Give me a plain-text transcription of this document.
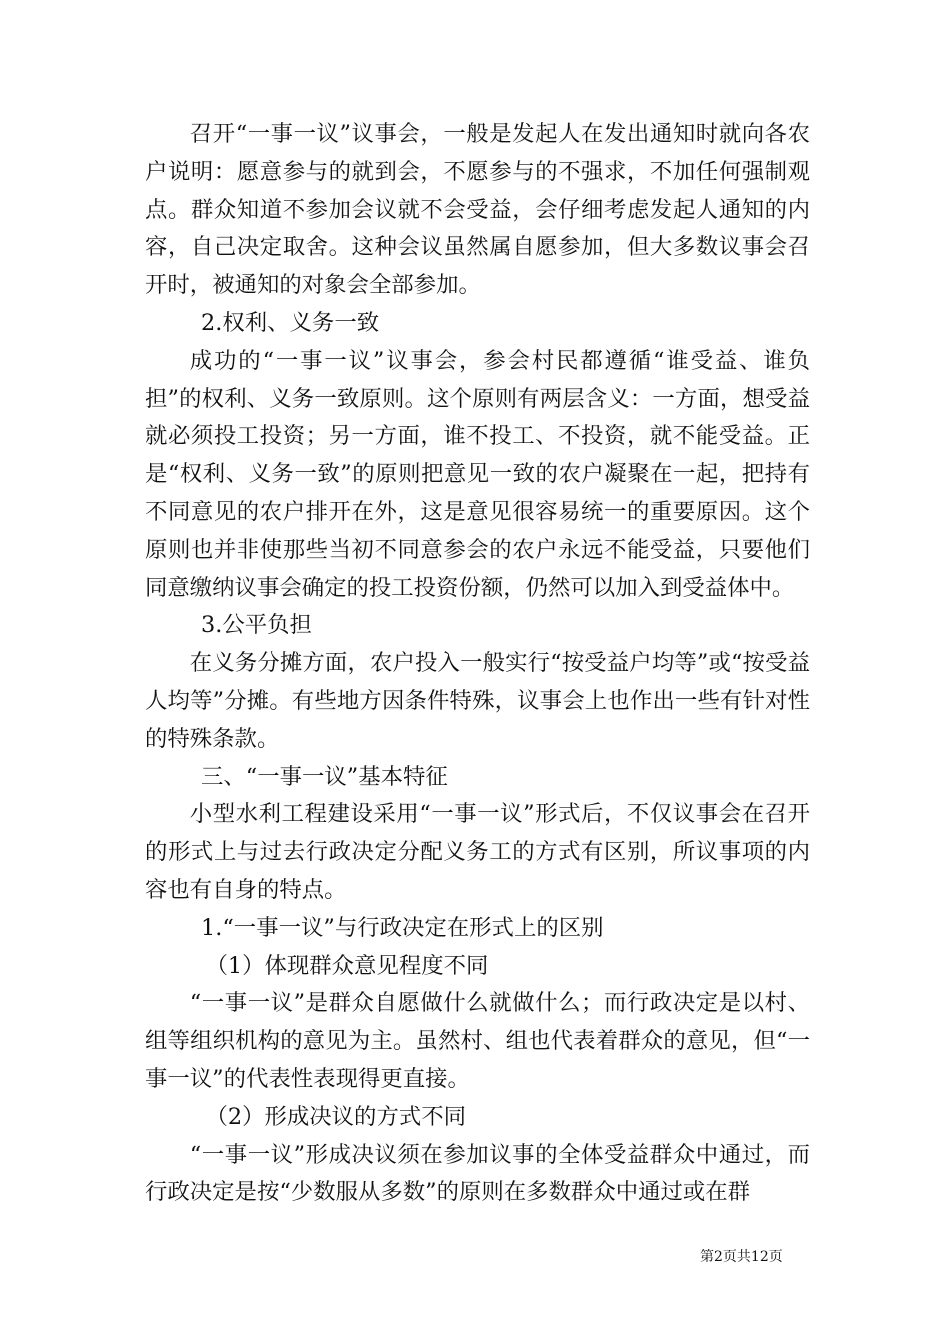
召开“一事一议”议事会，一般是发起人在发出通知时就向各农户说明：愿意参与的就到会，不愿参与的不强求，不加任何强制观点。群众知道不参加会议就不会受益，会仔细考虑发起人通知的内容，自己决定取舍。这种会议虽然属自愿参加，但大多数议事会召开时，被通知的对象会全部参加。

2.权利、义务一致

成功的“一事一议”议事会，参会村民都遵循“谁受益、谁负担”的权利、义务一致原则。这个原则有两层含义：一方面，想受益就必须投工投资；另一方面，谁不投工、不投资，就不能受益。正是“权利、义务一致”的原则把意见一致的农户凝聚在一起，把持有不同意见的农户排开在外，这是意见很容易统一的重要原因。这个原则也并非使那些当初不同意参会的农户永远不能受益，只要他们同意缴纳议事会确定的投工投资份额，仍然可以加入到受益体中。

3.公平负担

在义务分摊方面，农户投入一般实行“按受益户均等”或“按受益人均等”分摊。有些地方因条件特殊，议事会上也作出一些有针对性的特殊条款。

三、“一事一议”基本特征

小型水利工程建设采用“一事一议”形式后，不仅议事会在召开的形式上与过去行政决定分配义务工的方式有区别，所议事项的内容也有自身的特点。

1.“一事一议”与行政决定在形式上的区别

（1）体现群众意见程度不同

“一事一议”是群众自愿做什么就做什么；而行政决定是以村、组等组织机构的意见为主。虽然村、组也代表着群众的意见，但“一事一议”的代表性表现得更直接。

（2）形成决议的方式不同

“一事一议”形成决议须在参加议事的全体受益群众中通过，而行政决定是按“少数服从多数”的原则在多数群众中通过或在群

第2页共12页
